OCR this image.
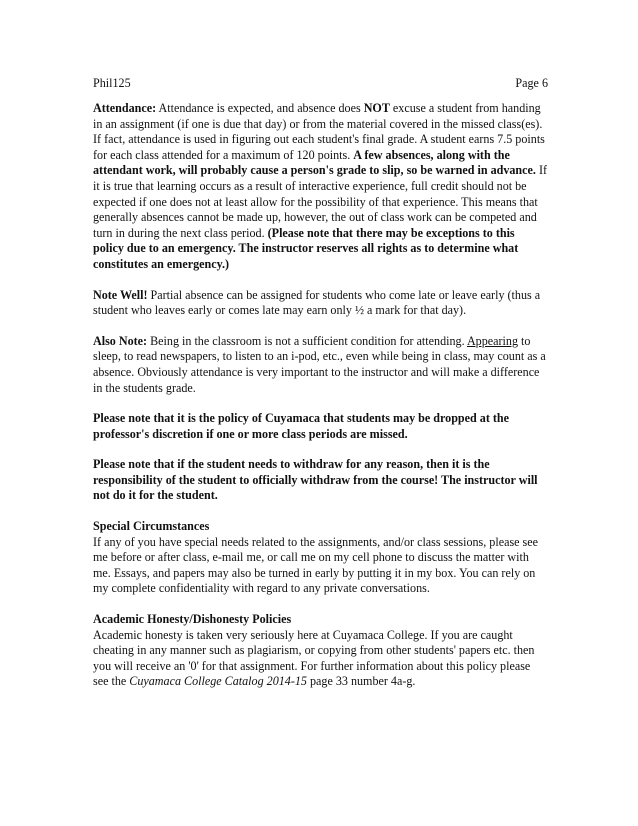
Phil125	Page 6

Attendance: Attendance is expected, and absence does NOT excuse a student from handing in an assignment (if one is due that day) or from the material covered in the missed class(es). If fact, attendance is used in figuring out each student's final grade. A student earns 7.5 points for each class attended for a maximum of 120 points. A few absences, along with the attendant work, will probably cause a person's grade to slip, so be warned in advance. If it is true that learning occurs as a result of interactive experience, full credit should not be expected if one does not at least allow for the possibility of that experience. This means that generally absences cannot be made up, however, the out of class work can be competed and turn in during the next class period. (Please note that there may be exceptions to this policy due to an emergency. The instructor reserves all rights as to determine what constitutes an emergency.)

Note Well! Partial absence can be assigned for students who come late or leave early (thus a student who leaves early or comes late may earn only ½ a mark for that day).

Also Note: Being in the classroom is not a sufficient condition for attending. Appearing to sleep, to read newspapers, to listen to an i-pod, etc., even while being in class, may count as a absence. Obviously attendance is very important to the instructor and will make a difference in the students grade.

Please note that it is the policy of Cuyamaca that students may be dropped at the professor's discretion if one or more class periods are missed.

Please note that if the student needs to withdraw for any reason, then it is the responsibility of the student to officially withdraw from the course! The instructor will not do it for the student.

Special Circumstances
If any of you have special needs related to the assignments, and/or class sessions, please see me before or after class, e-mail me, or call me on my cell phone to discuss the matter with me. Essays, and papers may also be turned in early by putting it in my box. You can rely on my complete confidentiality with regard to any private conversations.

Academic Honesty/Dishonesty Policies
Academic honesty is taken very seriously here at Cuyamaca College. If you are caught cheating in any manner such as plagiarism, or copying from other students' papers etc. then you will receive an '0' for that assignment. For further information about this policy please see the Cuyamaca College Catalog 2014-15 page 33 number 4a-g.
